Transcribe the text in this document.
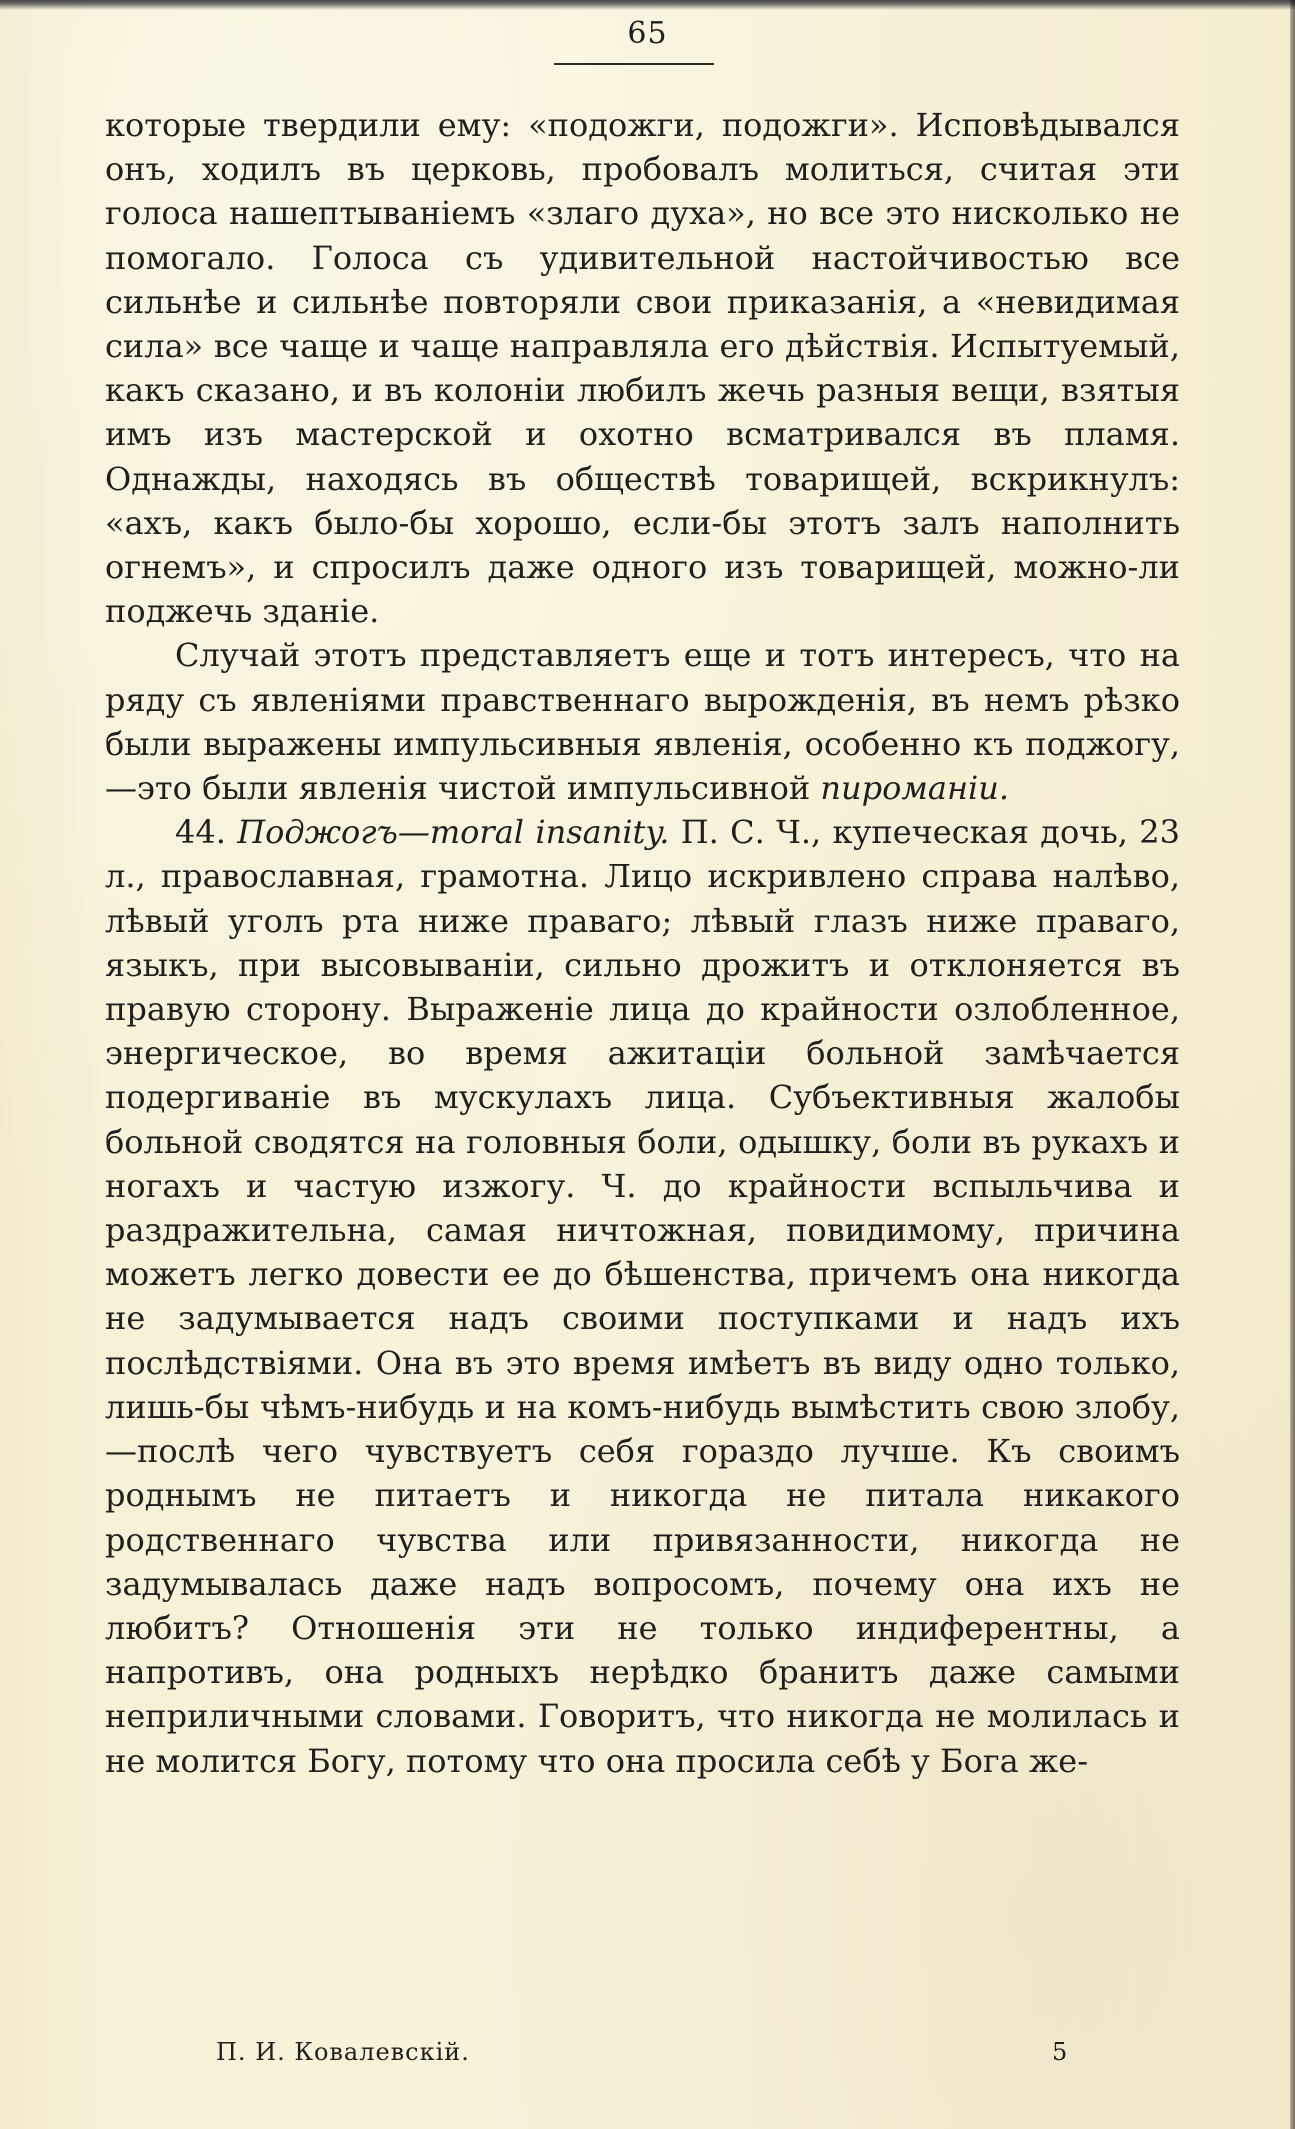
65

которые твердили ему: «подожги, подожги». Исповѣдывался онъ, ходилъ въ церковь, пробовалъ молиться, считая эти голоса нашептываніемъ «злаго духа», но все это нисколько не помогало. Голоса съ удивительной настойчивостью все сильнѣе и сильнѣе повторяли свои приказанія, а «невидимая сила» все чаще и чаще направляла его дѣйствія. Испытуемый, какъ сказано, и въ колоніи любилъ жечь разныя вещи, взятыя имъ изъ мастерской и охотно всматривался въ пламя. Однажды, находясь въ обществѣ товарищей, вскрикнулъ: «ахъ, какъ было-бы хорошо, если-бы этотъ залъ наполнить огнемъ», и спросилъ даже одного изъ товарищей, можно-ли поджечь зданіе.

Случай этотъ представляетъ еще и тотъ интересъ, что на ряду съ явленіями правственнаго вырожденія, въ немъ рѣзко были выражены импульсивныя явленія, особенно къ поджогу,—это были явленія чистой импульсивной пироманіи.

44. Поджогъ—moral insanity. П. С. Ч., купеческая дочь, 23 л., православная, грамотна. Лицо искривлено справа налѣво, лѣвый уголъ рта ниже праваго; лѣвый глазъ ниже праваго, языкъ, при высовываніи, сильно дрожитъ и отклоняется въ правую сторону. Выраженіе лица до крайности озлобленное, энергическое, во время ажитаціи больной замѣчается подергиваніе въ мускулахъ лица. Субъективныя жалобы больной сводятся на головныя боли, одышку, боли въ рукахъ и ногахъ и частую изжогу. Ч. до крайности вспыльчива и раздражительна, самая ничтожная, повидимому, причина можетъ легко довести ее до бѣшенства, причемъ она никогда не задумывается надъ своими поступками и надъ ихъ послѣдствіями. Она въ это время имѣетъ въ виду одно только, лишь-бы чѣмъ-нибудь и на комъ-нибудь вымѣстить свою злобу,—послѣ чего чувствуетъ себя гораздо лучше. Къ своимъ роднымъ не питаетъ и никогда не питала никакого родственнаго чувства или привязанности, никогда не задумывалась даже надъ вопросомъ, почему она ихъ не любитъ? Отношенія эти не только индиферентны, а напротивъ, она родныхъ нерѣдко бранитъ даже самыми неприличными словами. Говоритъ, что никогда не молилась и не молится Богу, потому что она просила себѣ у Бога же-

П. И. Ковалевскій.	5
